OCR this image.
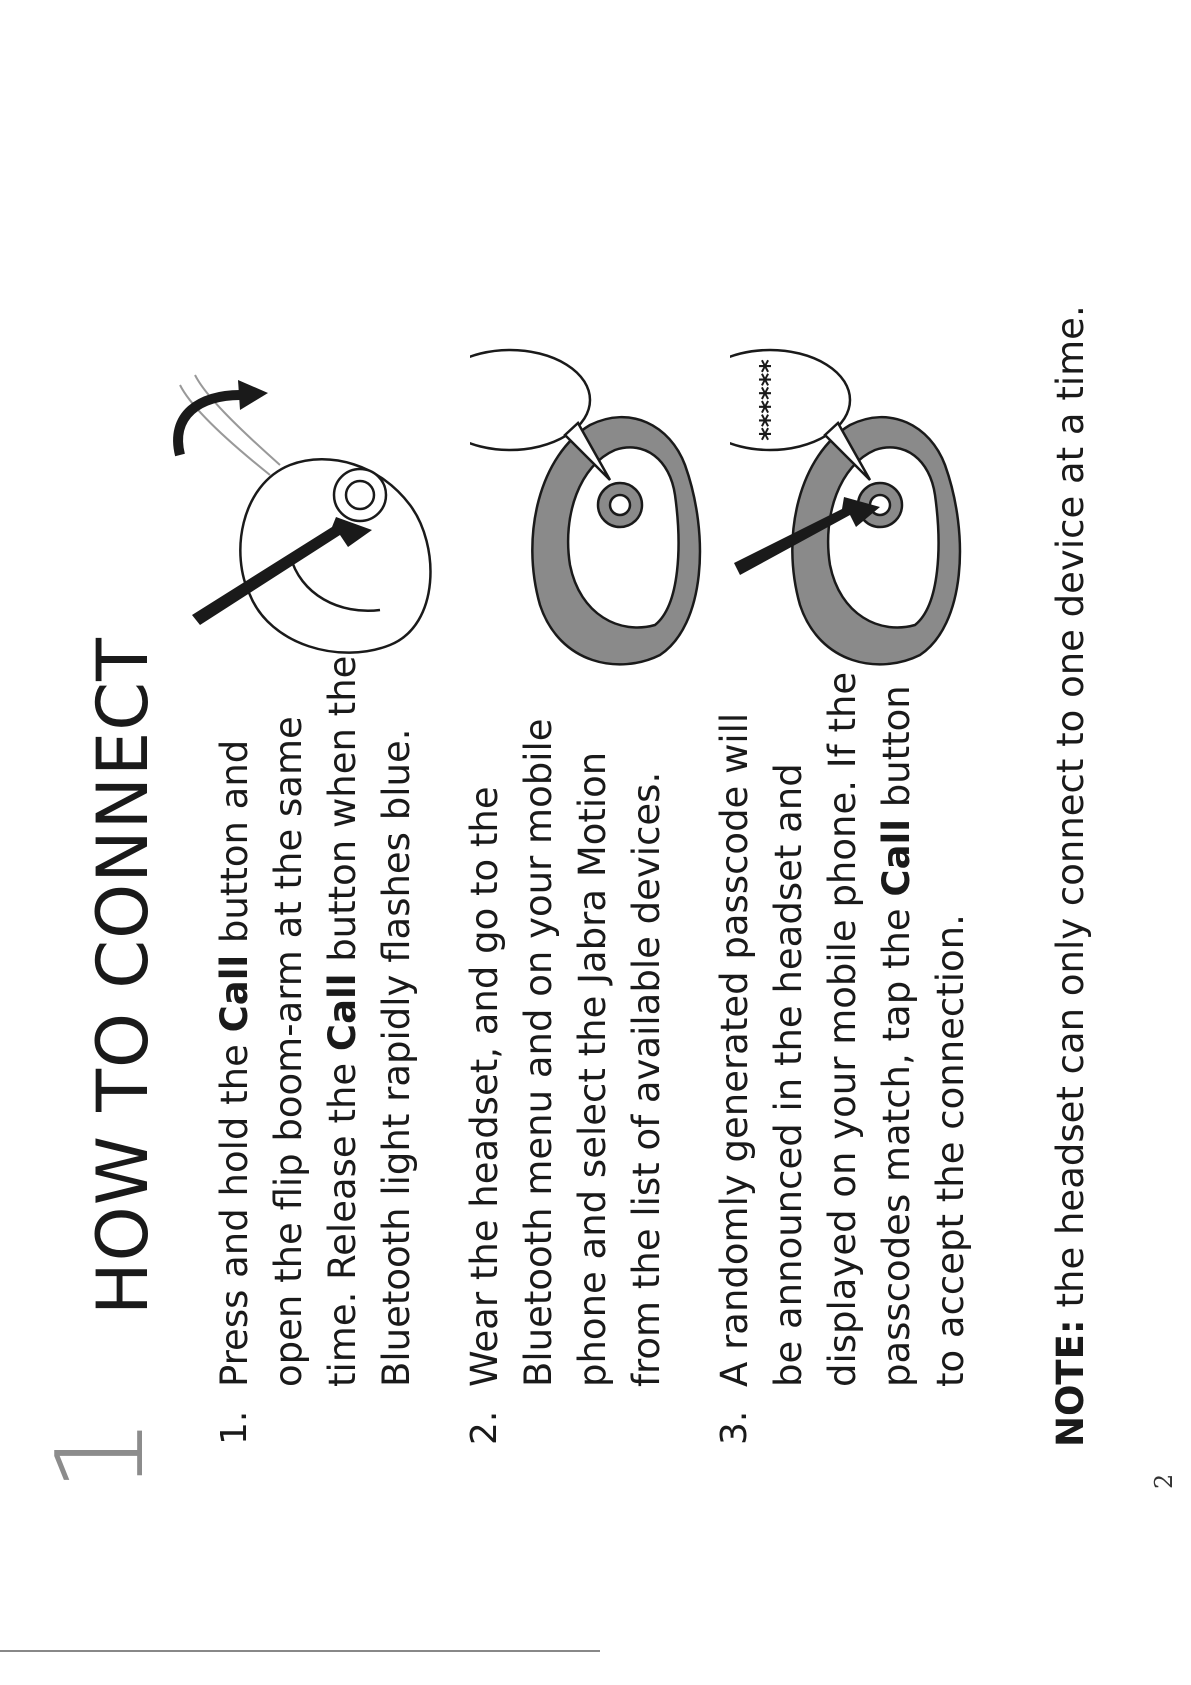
1
HOW TO CONNECT
1.
Press and hold the Call button and open the flip boom-arm at the same time. Release the Call button when the Bluetooth light rapidly flashes blue.
2.
Wear the headset, and go to the Bluetooth menu and on your mobile phone and select the Jabra Motion from the list of available devices.
3.
A randomly generated passcode will be announced in the headset and displayed on your mobile phone. If the passcodes match, tap the Call button
to accept the connection. NOTE: the headset can only connect to one device at a time.
2
******
